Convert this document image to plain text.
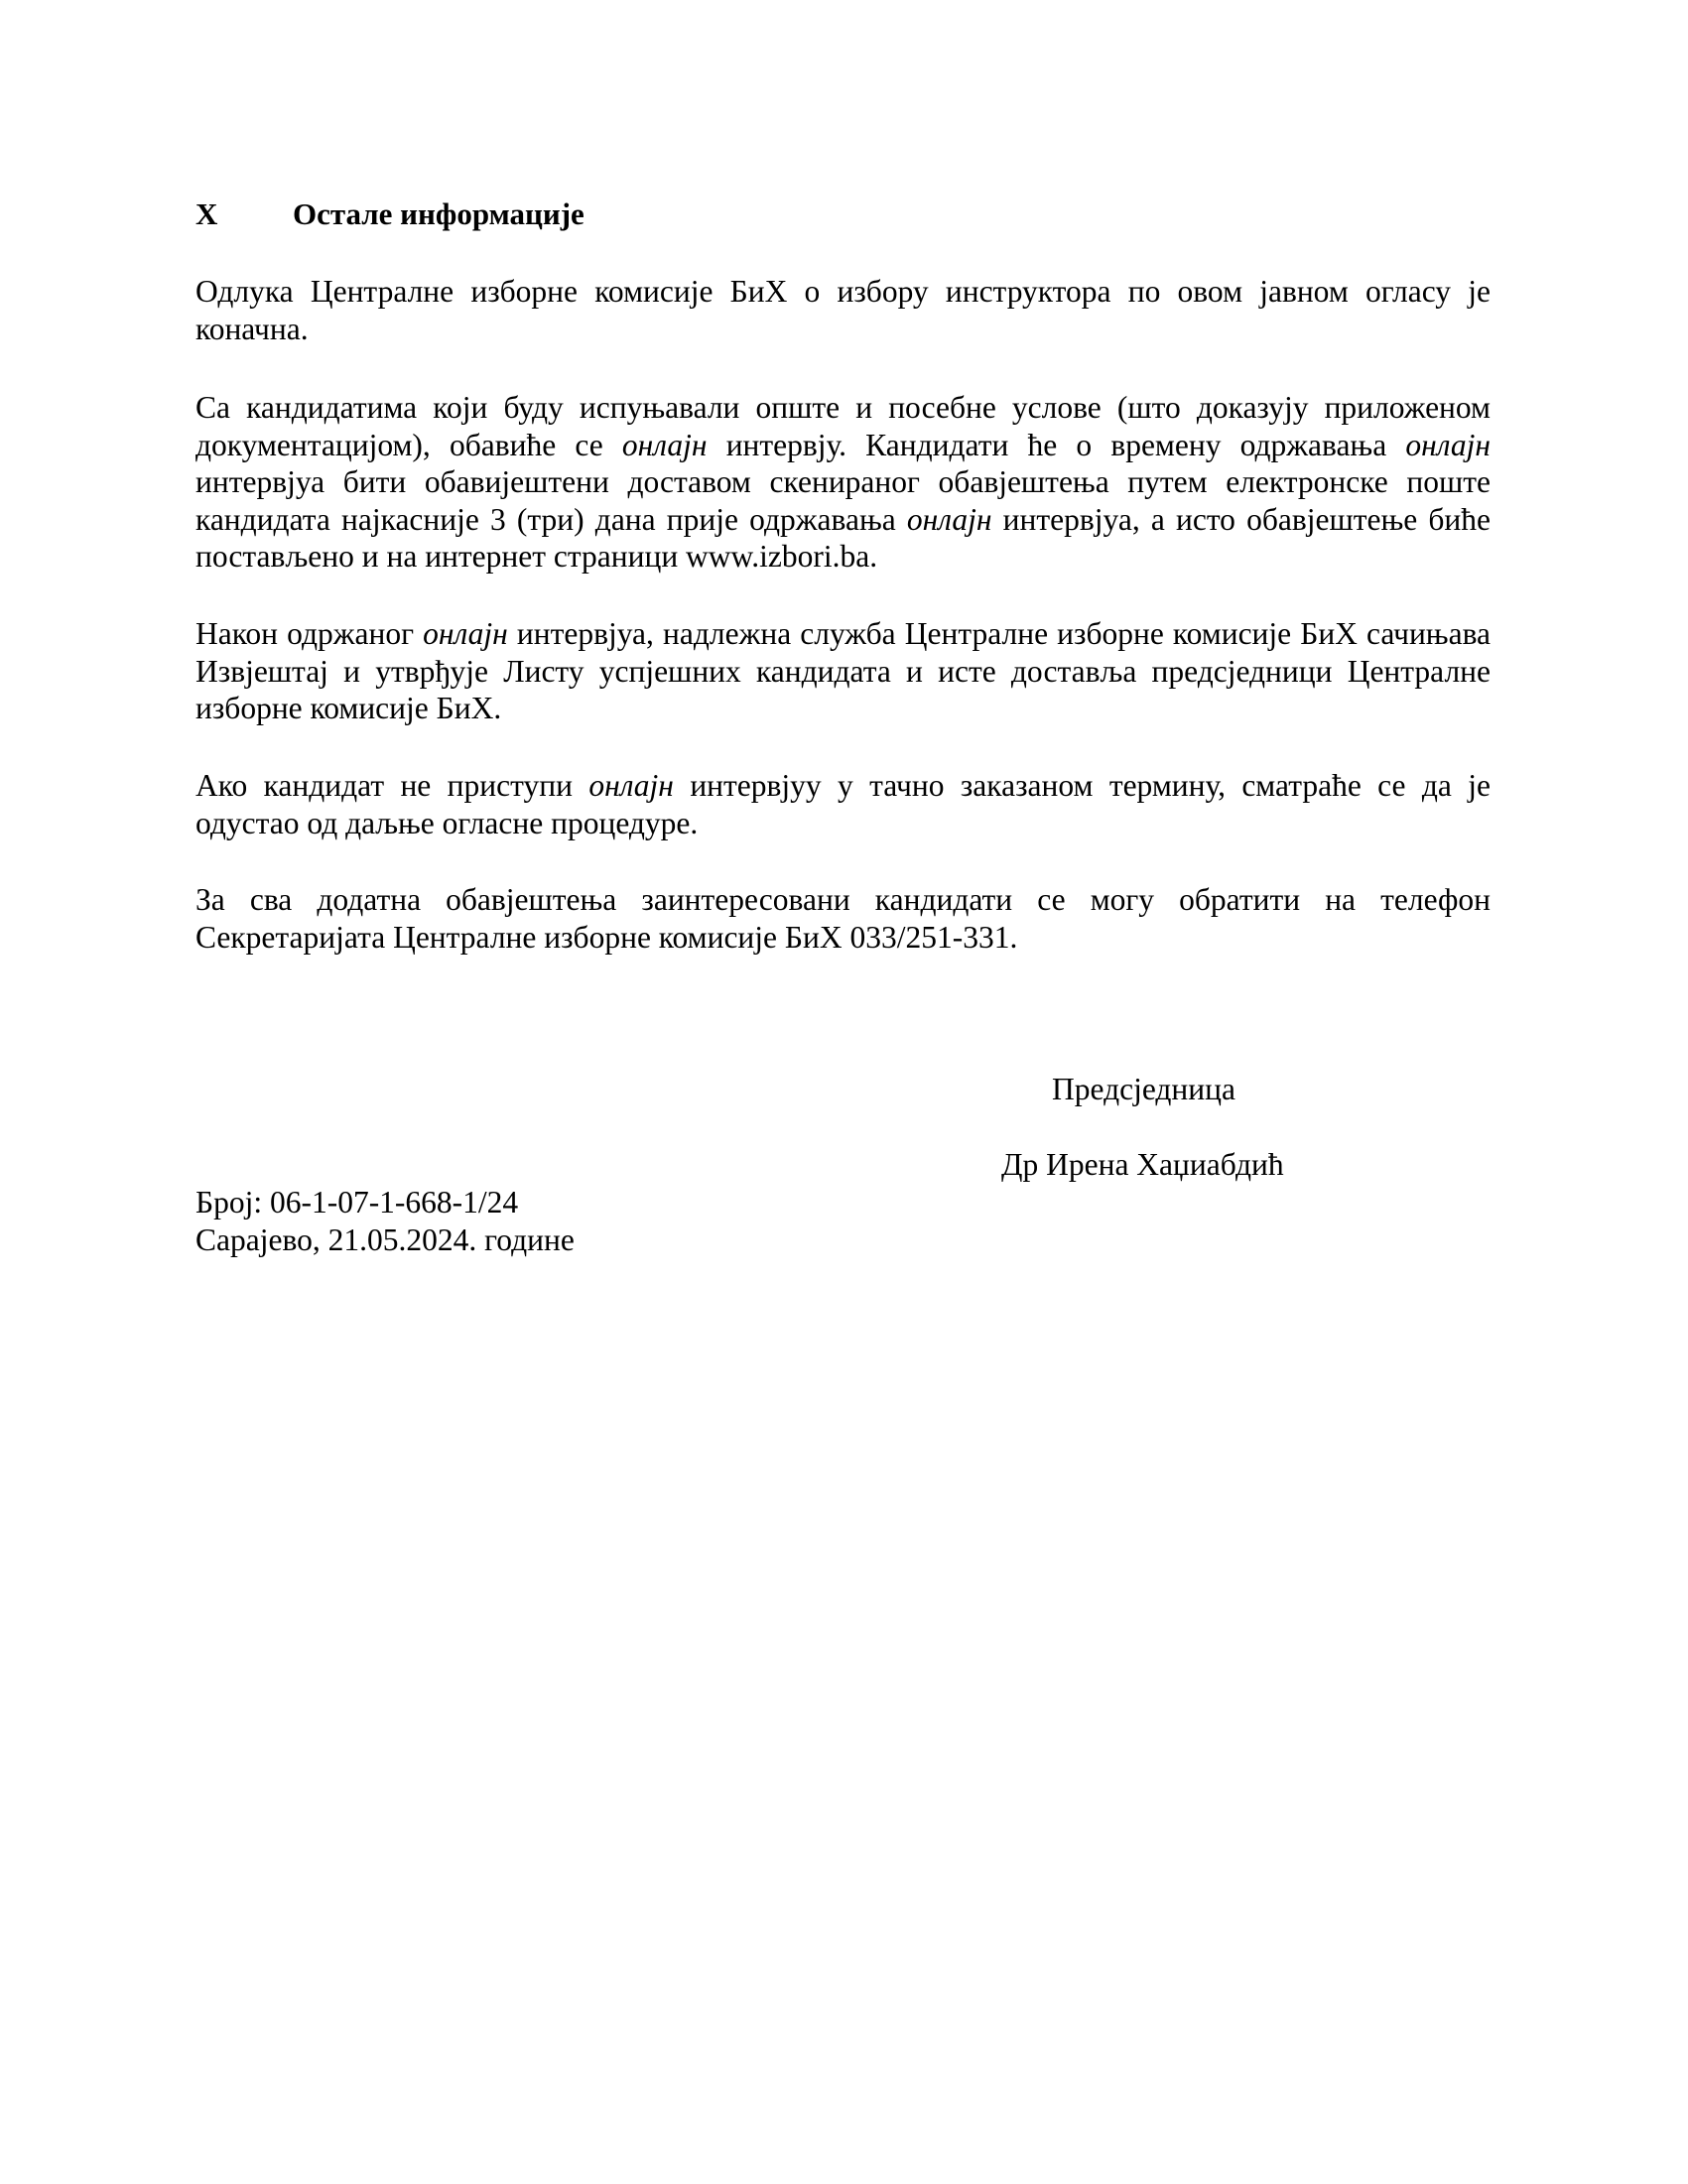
X Остале информације

Одлука Централне изборне комисије БиХ о избору инструктора по овом јавном огласу је коначна.

Са кандидатима који буду испуњавали опште и посебне услове (што доказују приложеном документацијом), обавиће се онлајн интервју. Кандидати ће о времену одржавања онлајн интервјуа бити обавијештени доставом скенираног обавјештења путем електронске поште кандидата најкасније 3 (три) дана прије одржавања онлајн интервјуа, а исто обавјештење биће постављено и на интернет страници www.izbori.ba.

Након одржаног онлајн интервјуа, надлежна служба Централне изборне комисије БиХ сачињава Извјештај и утврђује Листу успјешних кандидата и исте доставља предсједници Централне изборне комисије БиХ.

Ако кандидат не приступи онлајн интервјуу у тачно заказаном термину, сматраће се да је одустао од даљње огласне процедуре.

За сва додатна обавјештења заинтересовани кандидати се могу обратити на телефон Секретаријата Централне изборне комисије БиХ 033/251-331.

Предсједница
Др Ирена Хаџиабдић
Број: 06-1-07-1-668-1/24
Сарајево, 21.05.2024. године
